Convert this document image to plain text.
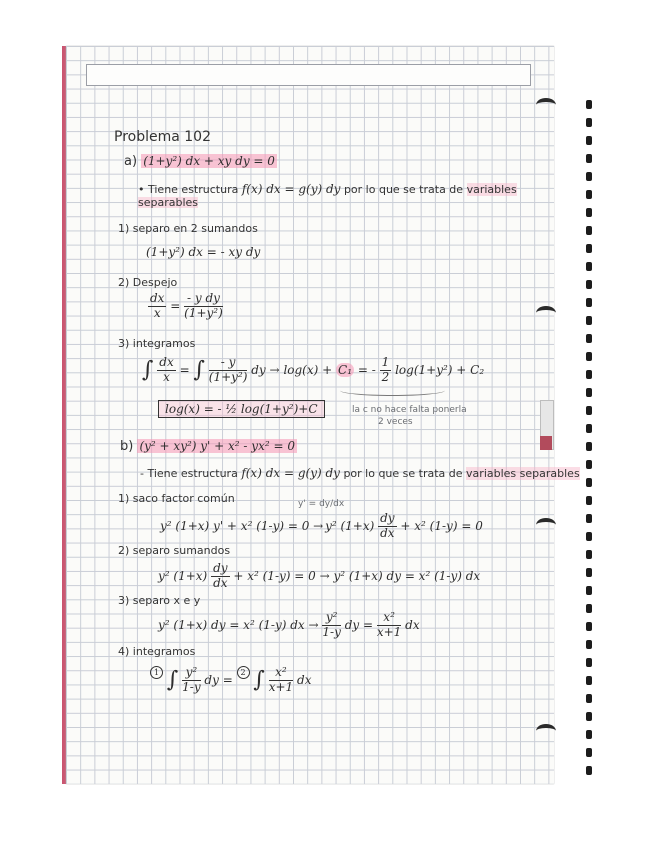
Problema 102
a) (1+y²) dx + xy dy = 0
• Tiene estructura f(x) dx = g(y) dy por lo que se trata de variables
separables
1) separo en 2 sumandos
(1+y²) dx = - xy dy
2) Despejo
$\frac{dx}{x} = \frac{\text{- y dy}}{\text{(1+y²)}}$
3) integramos
∫ $\frac{dx}{x}$ = ∫ $\frac{- y}{\text{(1+y²)}}$ dy → log(x) + C₁ = - $\frac{1}{2} \log(1+y^2) + C_2$
log(x) = - ½ log(1+y²)+C	la c no hace falta ponerla
2 veces
b) (y² + xy²) y' + x² - yx² = 0
- Tiene estructura f(x) dx = g(y) dy por lo que se trata de variables separables
1) saco factor común	y' = dy/dx
y² (1+x) y' + x² (1-y) = 0 → y² $(1+x) \frac{dy}{dx} + x^2$ (1-y) = 0
2) separo sumandos
y² $(1+x) \frac{dy}{dx} + x^2$ (1-y) = 0 → y² (1+x) dy = x² (1-y) dx
3) separo x e y
y² (1+x) dy = x² (1-y) dx → $\frac{\text{y²}}{1-y}$ dy = $\frac{\text{x²}}{x+1}$ dx
4) integramos
1 ∫ $\frac{\text{y²}}{1-y}$ dy = 2 ∫ $\frac{\text{x²}}{x+1}$ dx
